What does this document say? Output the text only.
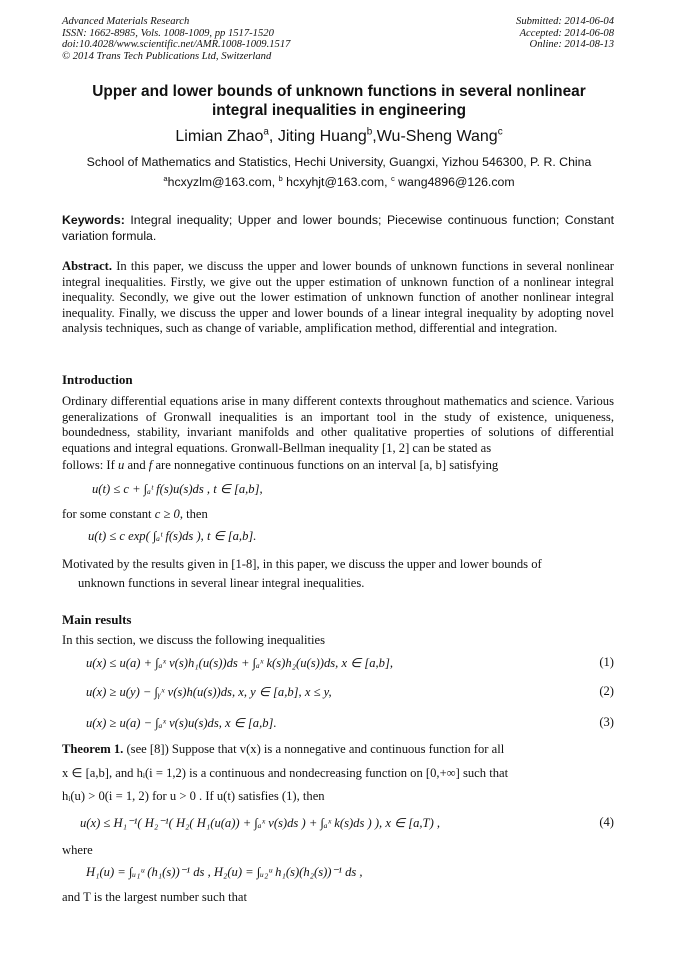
Advanced Materials Research
ISSN: 1662-8985, Vols. 1008-1009, pp 1517-1520
doi:10.4028/www.scientific.net/AMR.1008-1009.1517
© 2014 Trans Tech Publications Ltd, Switzerland
Submitted: 2014-06-04
Accepted: 2014-06-08
Online: 2014-08-13
Upper and lower bounds of unknown functions in several nonlinear
integral inequalities in engineering
Limian Zhao$^a$, Jiting Huang$^b$,Wu-Sheng Wang$^c$
School of Mathematics and Statistics, Hechi University, Guangxi, Yizhou 546300, P. R. China
$^a$hcxyzlm@163.com, $^b$ hcxyhjt@163.com, $^c$ wang4896@126.com
Keywords: Integral inequality; Upper and lower bounds; Piecewise continuous function; Constant variation formula.
Abstract. In this paper, we discuss the upper and lower bounds of unknown functions in several nonlinear integral inequalities. Firstly, we give out the upper estimation of unknown function of a nonlinear integral inequality. Secondly, we give out the lower estimation of unknown function of another nonlinear integral inequality. Finally, we discuss the upper and lower bounds of a linear integral inequality by adopting novel analysis techniques, such as change of variable, amplification method, differential and integration.
Introduction
Ordinary differential equations arise in many different contexts throughout mathematics and science. Various generalizations of Gronwall inequalities is an important tool in the study of existence, uniqueness, boundedness, stability, invariant manifolds and other qualitative properties of solutions of differential equations and integral equations. Gronwall-Bellman inequality [1, 2] can be stated as
follows: If u and f are nonnegative continuous functions on an interval [a, b] satisfying
u(t) ≤ c + ∫ₐᵗ f(s)u(s)ds , t ∈ [a,b],
for some constant c ≥ 0, then
u(t) ≤ c exp( ∫ₐᵗ f(s)ds ), t ∈ [a,b].
Motivated by the results given in [1-8], in this paper, we discuss the upper and lower bounds of
unknown functions in several linear integral inequalities.
Main results
In this section, we discuss the following inequalities
u(x) ≤ u(a) + ∫ₐˣ v(s)h₁(u(s))ds + ∫ₐˣ k(s)h₂(u(s))ds, x ∈ [a,b],	(1)
u(x) ≥ u(y) − ∫ᵧˣ v(s)h(u(s))ds, x, y ∈ [a,b], x ≤ y,	(2)
u(x) ≥ u(a) − ∫ₐˣ v(s)u(s)ds, x ∈ [a,b].	(3)
Theorem 1. (see [8]) Suppose that v(x) is a nonnegative and continuous function for all
x ∈ [a,b], and hᵢ(i = 1,2) is a continuous and nondecreasing function on [0,+∞] such that
hᵢ(u) > 0(i = 1, 2) for u > 0 . If u(t) satisfies (1), then
u(x) ≤ H₁⁻¹( H₂⁻¹( H₂( H₁(u(a)) + ∫ₐˣ v(s)ds ) + ∫ₐˣ k(s)ds ) ), x ∈ [a,T) ,	(4)
where
H₁(u) = ∫ᵤ₁ᵘ (h₁(s))⁻¹ ds , H₂(u) = ∫ᵤ₂ᵘ h₁(s)(h₂(s))⁻¹ ds ,
and T is the largest number such that
